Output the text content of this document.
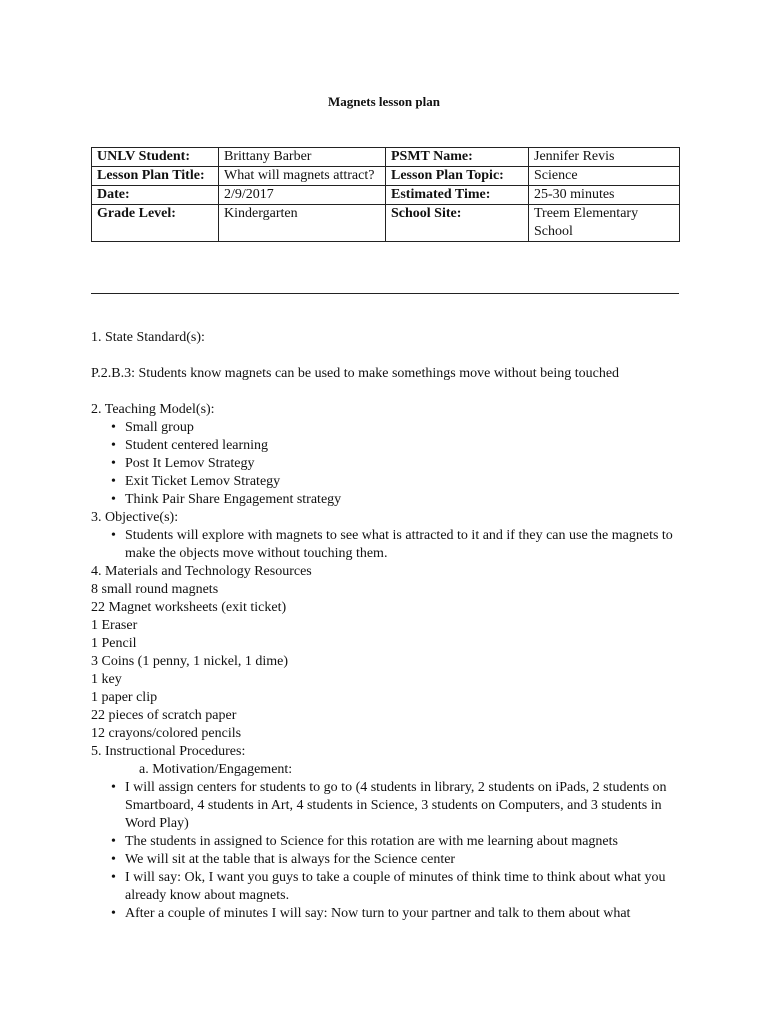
Magnets lesson plan
UNLV Student:	Brittany Barber	PSMT Name:	Jennifer Revis
Lesson Plan Title:	What will magnets attract?	Lesson Plan Topic:	Science
Date:	2/9/2017	Estimated Time:	25-30 minutes
Grade Level:	Kindergarten	School Site:	Treem Elementary School

1. State Standard(s):

P.2.B.3: Students know magnets can be used to make somethings move without being touched

2. Teaching Model(s):

• Small group
• Student centered learning
• Post It Lemov Strategy
• Exit Ticket Lemov Strategy
• Think Pair Share Engagement strategy

3. Objective(s):

• Students will explore with magnets to see what is attracted to it and if they can use the magnets to make the objects move without touching them.

4. Materials and Technology Resources

8 small round magnets

22 Magnet worksheets (exit ticket)

1 Eraser

1 Pencil

3 Coins (1 penny, 1 nickel, 1 dime)

1 key

1 paper clip

22 pieces of scratch paper

12 crayons/colored pencils

5. Instructional Procedures:

a. Motivation/Engagement:

• I will assign centers for students to go to (4 students in library, 2 students on iPads, 2 students on Smartboard, 4 students in Art, 4 students in Science, 3 students on Computers, and 3 students in Word Play)
• The students in assigned to Science for this rotation are with me learning about magnets
• We will sit at the table that is always for the Science center
• I will say: Ok, I want you guys to take a couple of minutes of think time to think about what you already know about magnets.
• After a couple of minutes I will say: Now turn to your partner and talk to them about what
